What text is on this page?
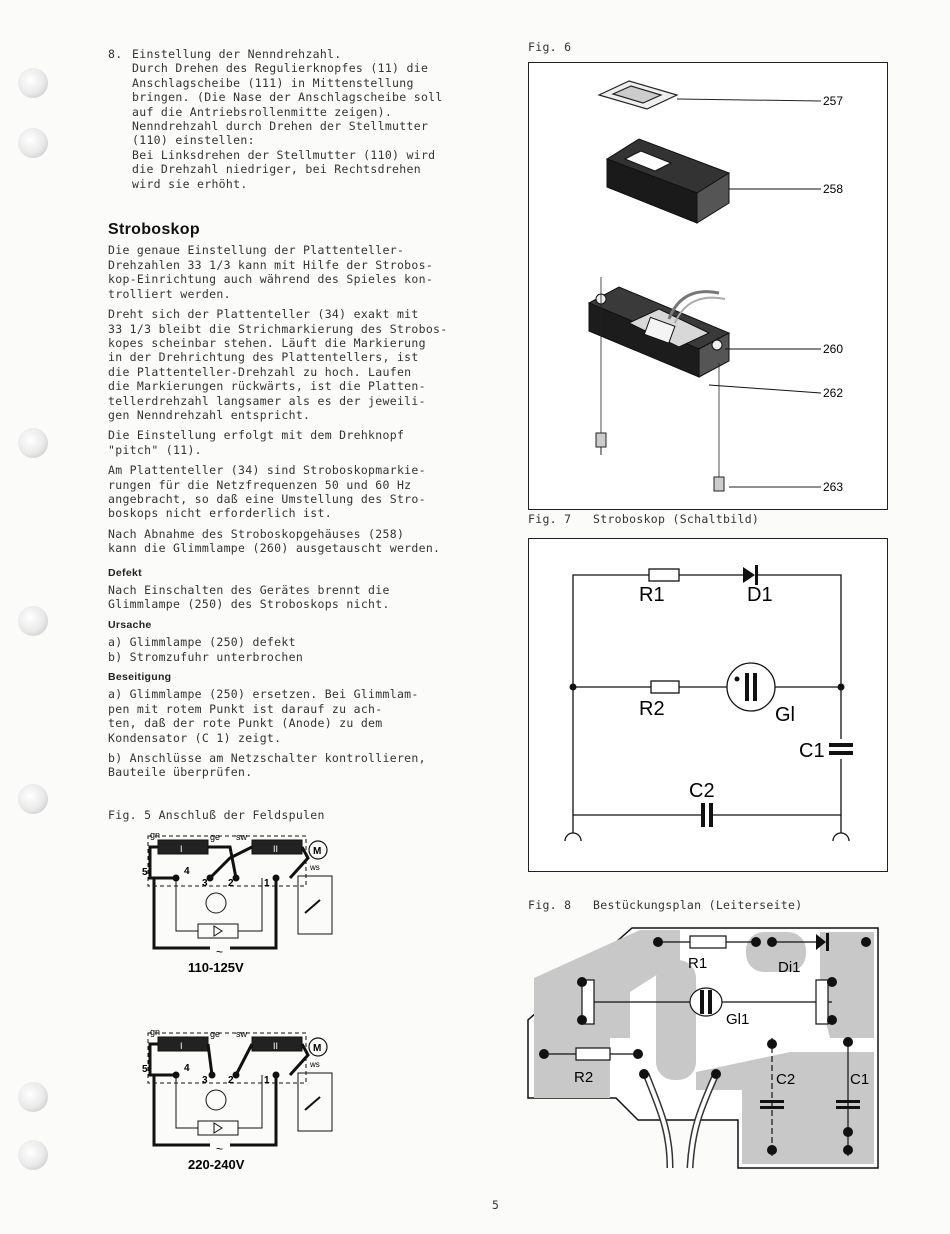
8. Einstellung der Nenndrehzahl.
Durch Drehen des Regulierknopfes (11) die
Anschlagscheibe (111) in Mittenstellung
bringen. (Die Nase der Anschlagscheibe soll
auf die Antriebsrollenmitte zeigen).
Nenndrehzahl durch Drehen der Stellmutter
(110) einstellen:
Bei Linksdrehen der Stellmutter (110) wird
die Drehzahl niedriger, bei Rechtsdrehen
wird sie erhöht.
Stroboskop
Die genaue Einstellung der Plattenteller-
Drehzahlen 33 1/3 kann mit Hilfe der Strobos-
kop-Einrichtung auch während des Spieles kon-
trolliert werden.
Dreht sich der Plattenteller (34) exakt mit
33 1/3 bleibt die Strichmarkierung des Strobos-
kopes scheinbar stehen. Läuft die Markierung
in der Drehrichtung des Plattentellers, ist
die Plattenteller-Drehzahl zu hoch. Laufen
die Markierungen rückwärts, ist die Platten-
tellerdrehzahl langsamer als es der jeweili-
gen Nenndrehzahl entspricht.
Die Einstellung erfolgt mit dem Drehknopf
"pitch" (11).
Am Plattenteller (34) sind Stroboskopmarkie-
rungen für die Netzfrequenzen 50 und 60 Hz
angebracht, so daß eine Umstellung des Stro-
boskops nicht erforderlich ist.
Nach Abnahme des Stroboskopgehäuses (258)
kann die Glimmlampe (260) ausgetauscht werden.
Defekt
Nach Einschalten des Gerätes brennt die
Glimmlampe (250) des Stroboskops nicht.
Ursache
a) Glimmlampe (250) defekt
b) Stromzufuhr unterbrochen
Beseitigung
a) Glimmlampe (250) ersetzen. Bei Glimmlam-
pen mit rotem Punkt ist darauf zu ach-
ten, daß der rote Punkt (Anode) zu dem
Kondensator (C 1) zeigt.
b) Anschlüsse am Netzschalter kontrollieren,
Bauteile überprüfen.
Fig. 5 Anschluß der Feldspulen
gn	ge sw
I	II	M
ws
5	4
3 2	1
~
110-125V
gn	ge sw
I	II	M
ws
5	4
3 2	1
~
220-240V
Fig. 6
257
258
260
262
263
Fig. 7   Stroboskop (Schaltbild)
R1	D1
R2	Gl
C1
C2
Fig. 8   Bestückungsplan (Leiterseite)
R1	Di1
Gl1
R2	C2	C1
5
